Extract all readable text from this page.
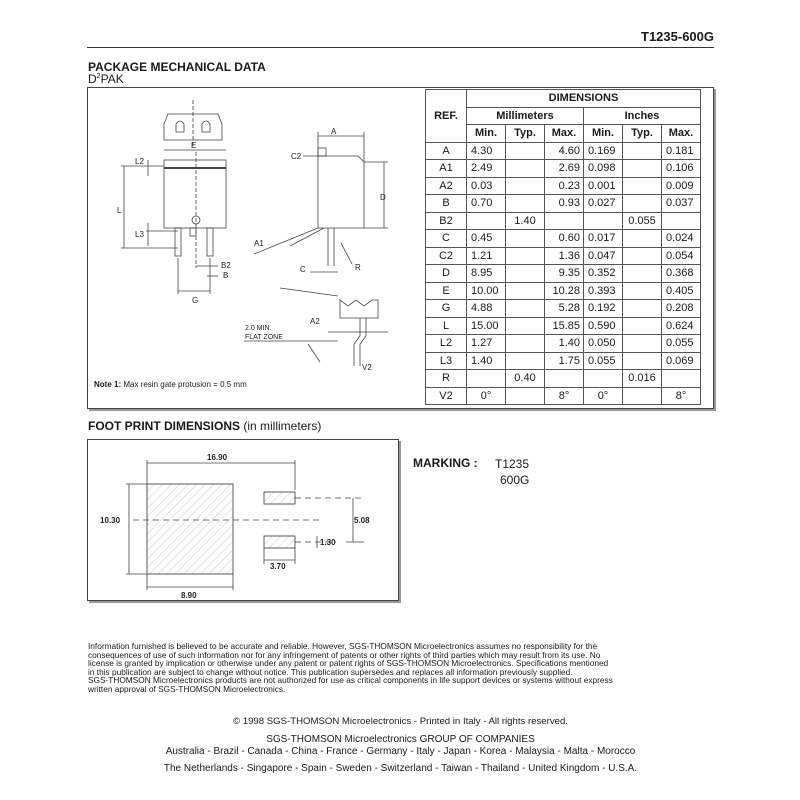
T1235-600G
PACKAGE MECHANICAL DATA
$D^2PAK$
E
L
L2
L3
B2
B
G
A
C2
D
A1
C	R
A2
2.0 MIN.
FLAT ZONE
V2
Note 1: Max resin gate protusion = 0.5 mm
REF.	DIMENSIONS					
	Millimeters			Inches		
	Min.	Typ.	Max.	Min.	Typ.	Max.
A	4.30		4.60	0.169		0.181
A1	2.49		2.69	0.098		0.106
A2	0.03		0.23	0.001		0.009
B	0.70		0.93	0.027		0.037
B2		1.40			0.055	
C	0.45		0.60	0.017		0.024
C2	1.21		1.36	0.047		0.054
D	8.95		9.35	0.352		0.368
E	10.00		10.28	0.393		0.405
G	4.88		5.28	0.192		0.208
L	15.00		15.85	0.590		0.624
L2	1.27		1.40	0.050		0.055
L3	1.40		1.75	0.055		0.069
R		0.40			0.016	
V2	0°		8°	0°		8°
FOOT PRINT DIMENSIONS (in millimeters)
16.90
10.30
8.90
5.08
1.30
3.70
MARKING : T1235
600G
Information furnished is believed to be accurate and reliable. However, SGS-THOMSON Microelectronics assumes no responsibility for the
consequences of use of such information nor for any infringement of patents or other rights of third parties which may result from its use. No
license is granted by implication or otherwise under any patent or patent rights of SGS-THOMSON Microelectronics. Specifications mentioned
in this publication are subject to change without notice. This publication supersedes and replaces all information previously supplied.
SGS-THOMSON Microelectronics products are not authorized for use as critical components in life support devices or systems without express
written approval of SGS-THOMSON Microelectronics.
© 1998 SGS-THOMSON Microelectronics - Printed in Italy - All rights reserved.
SGS-THOMSON Microelectronics GROUP OF COMPANIES
Australia - Brazil - Canada - China - France - Germany - Italy - Japan - Korea - Malaysia - Malta - Morocco
The Netherlands - Singapore - Spain - Sweden - Switzerland - Taiwan - Thailand - United Kingdom - U.S.A.
